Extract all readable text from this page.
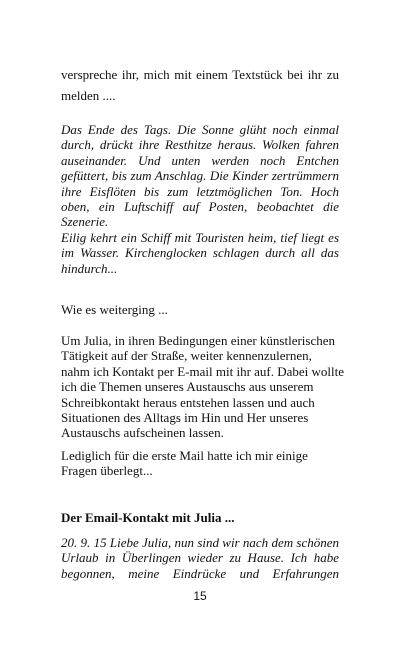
verspreche ihr, mich mit einem Textstück bei ihr zu
melden ....
Das Ende des Tags. Die Sonne glüht noch einmal
durch, drückt ihre Resthitze heraus. Wolken fahren
auseinander. Und unten werden noch Entchen
gefüttert, bis zum Anschlag. Die Kinder zertrümmern
ihre Eisflöten bis zum letztmöglichen Ton. Hoch
oben, ein Luftschiff auf Posten, beobachtet die
Szenerie.
Eilig kehrt ein Schiff mit Touristen heim, tief liegt es
im Wasser. Kirchenglocken schlagen durch all das
hindurch...
Wie es weiterging ...
Um Julia, in ihren Bedingungen einer künstlerischen
Tätigkeit auf der Straße, weiter kennenzulernen,
nahm ich Kontakt per E-mail mit ihr auf. Dabei wollte
ich die Themen unseres Austauschs aus unserem
Schreibkontakt heraus entstehen lassen und auch
Situationen des Alltags im Hin und Her unseres
Austauschs aufscheinen lassen.
Lediglich für die erste Mail hatte ich mir einige
Fragen überlegt...
Der Email-Kontakt mit Julia ...
20. 9. 15 Liebe Julia, nun sind wir nach dem schönen
Urlaub in Überlingen wieder zu Hause. Ich habe
begonnen, meine Eindrücke und Erfahrungen
15
